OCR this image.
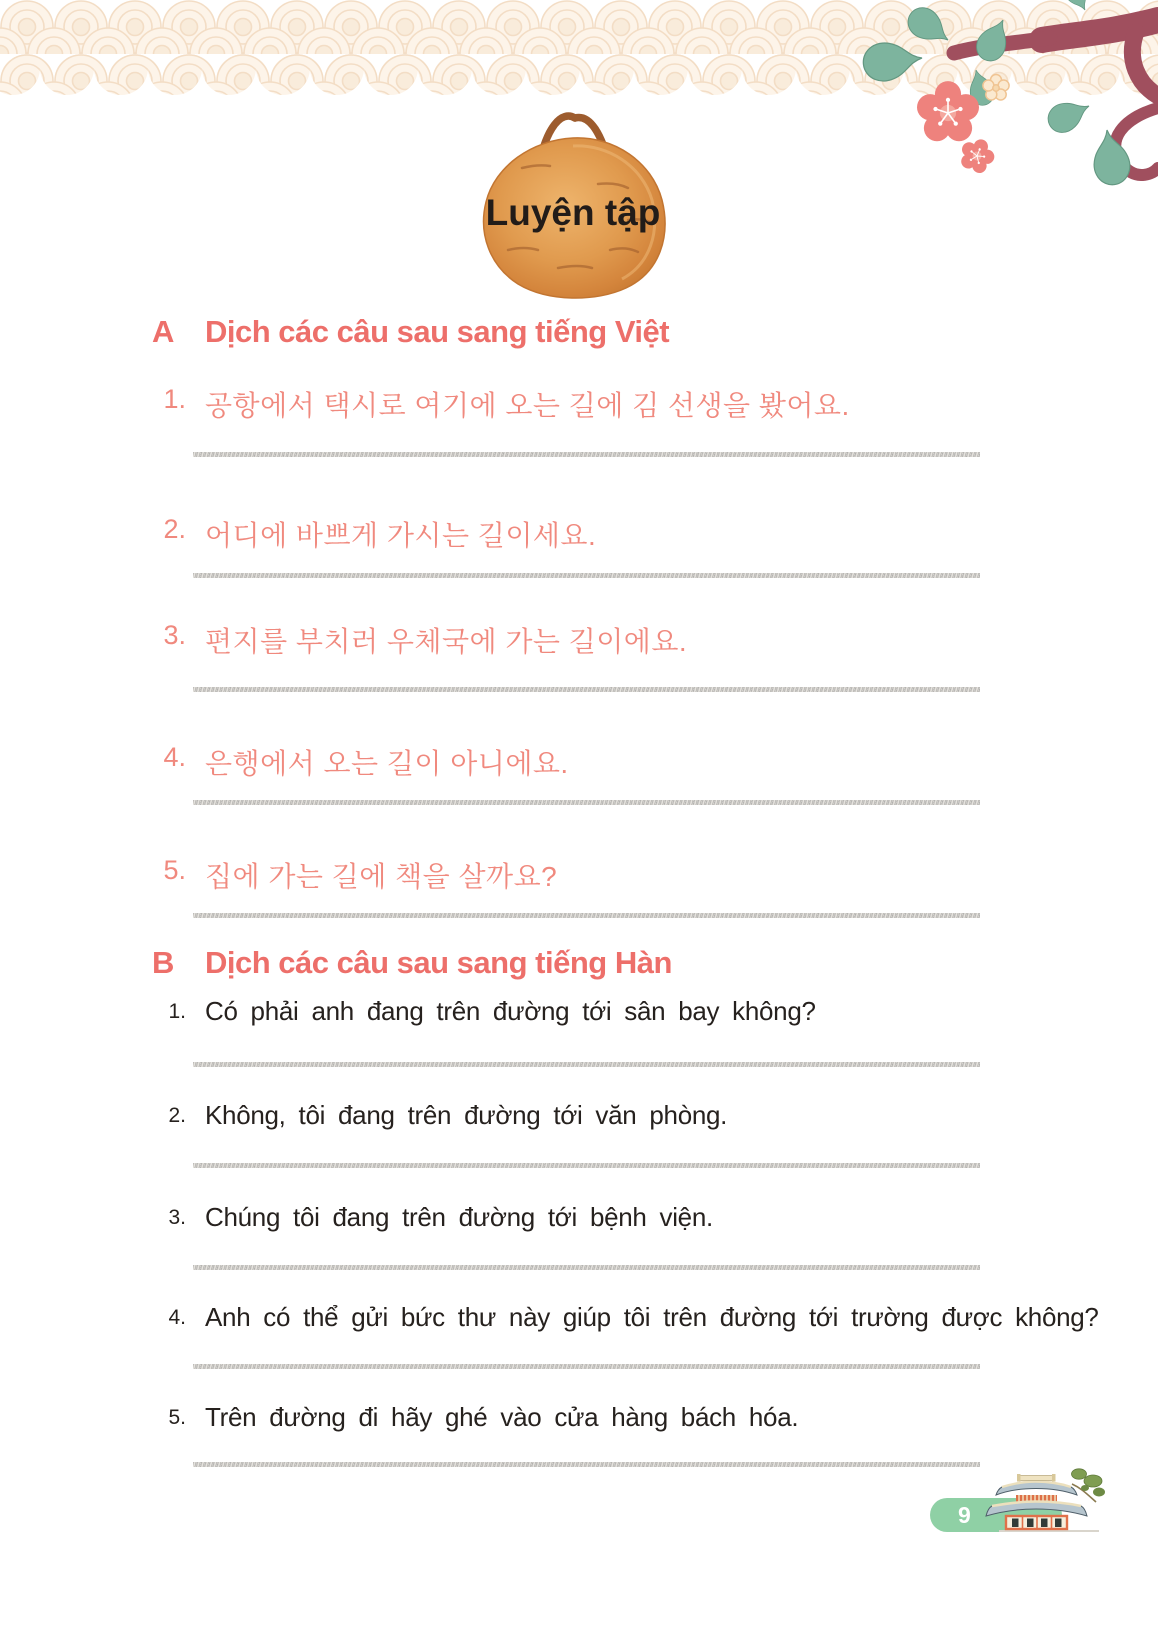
Luyện tập
A Dịch các câu sau sang tiếng Việt
1. 공항에서 택시로 여기에 오는 길에 김 선생을 봤어요.
2. 어디에 바쁘게 가시는 길이세요.
3. 편지를 부치러 우체국에 가는 길이에요.
4. 은행에서 오는 길이 아니에요.
5. 집에 가는 길에 책을 살까요?
B Dịch các câu sau sang tiếng Hàn
1. Có phải anh đang trên đường tới sân bay không?
2. Không, tôi đang trên đường tới văn phòng.
3. Chúng tôi đang trên đường tới bệnh viện.
4. Anh có thể gửi bức thư này giúp tôi trên đường tới trường được không?
5. Trên đường đi hãy ghé vào cửa hàng bách hóa.
9
